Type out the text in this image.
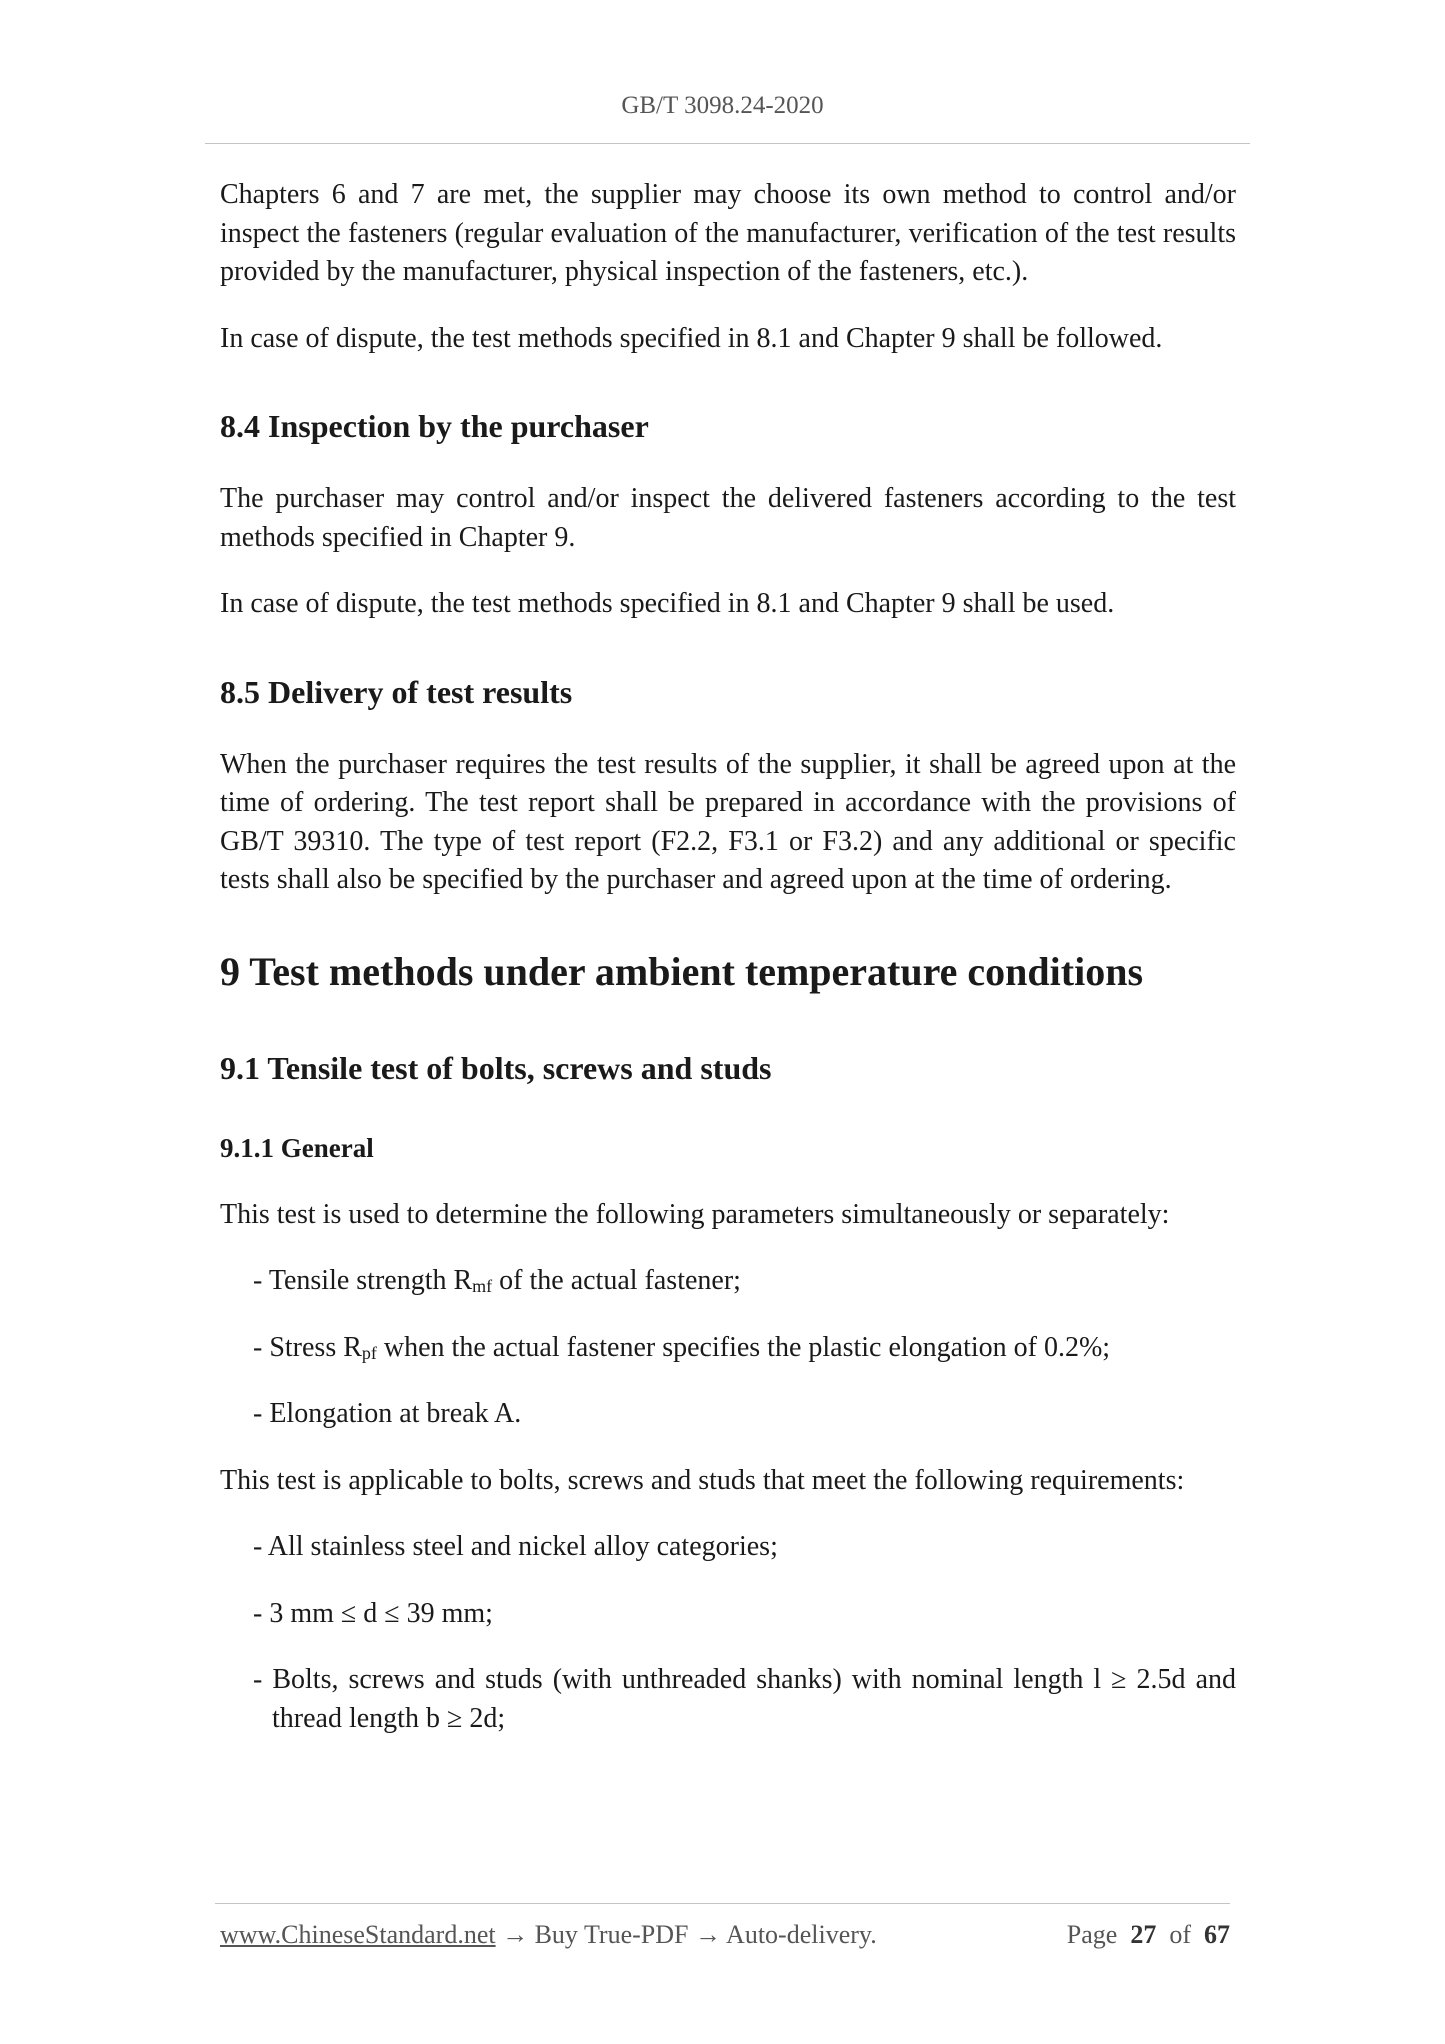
GB/T 3098.24-2020

Chapters 6 and 7 are met, the supplier may choose its own method to control and/or inspect the fasteners (regular evaluation of the manufacturer, verification of the test results provided by the manufacturer, physical inspection of the fasteners, etc.).

In case of dispute, the test methods specified in 8.1 and Chapter 9 shall be followed.

8.4 Inspection by the purchaser

The purchaser may control and/or inspect the delivered fasteners according to the test methods specified in Chapter 9.

In case of dispute, the test methods specified in 8.1 and Chapter 9 shall be used.

8.5 Delivery of test results

When the purchaser requires the test results of the supplier, it shall be agreed upon at the time of ordering. The test report shall be prepared in accordance with the provisions of GB/T 39310. The type of test report (F2.2, F3.1 or F3.2) and any additional or specific tests shall also be specified by the purchaser and agreed upon at the time of ordering.

9 Test methods under ambient temperature conditions
9.1 Tensile test of bolts, screws and studs
9.1.1 General

This test is used to determine the following parameters simultaneously or separately:

- Tensile strength $R_{mf}$ of the actual fastener;

- Stress $R_{pf}$ when the actual fastener specifies the plastic elongation of 0.2%;

- Elongation at break A.

This test is applicable to bolts, screws and studs that meet the following requirements:

- All stainless steel and nickel alloy categories;

- 3 mm ≤ d ≤ 39 mm;

- Bolts, screws and studs (with unthreaded shanks) with nominal length l ≥ 2.5d and thread length b ≥ 2d;

www.ChineseStandard.net → Buy True-PDF → Auto-delivery.	Page 27 of 67
